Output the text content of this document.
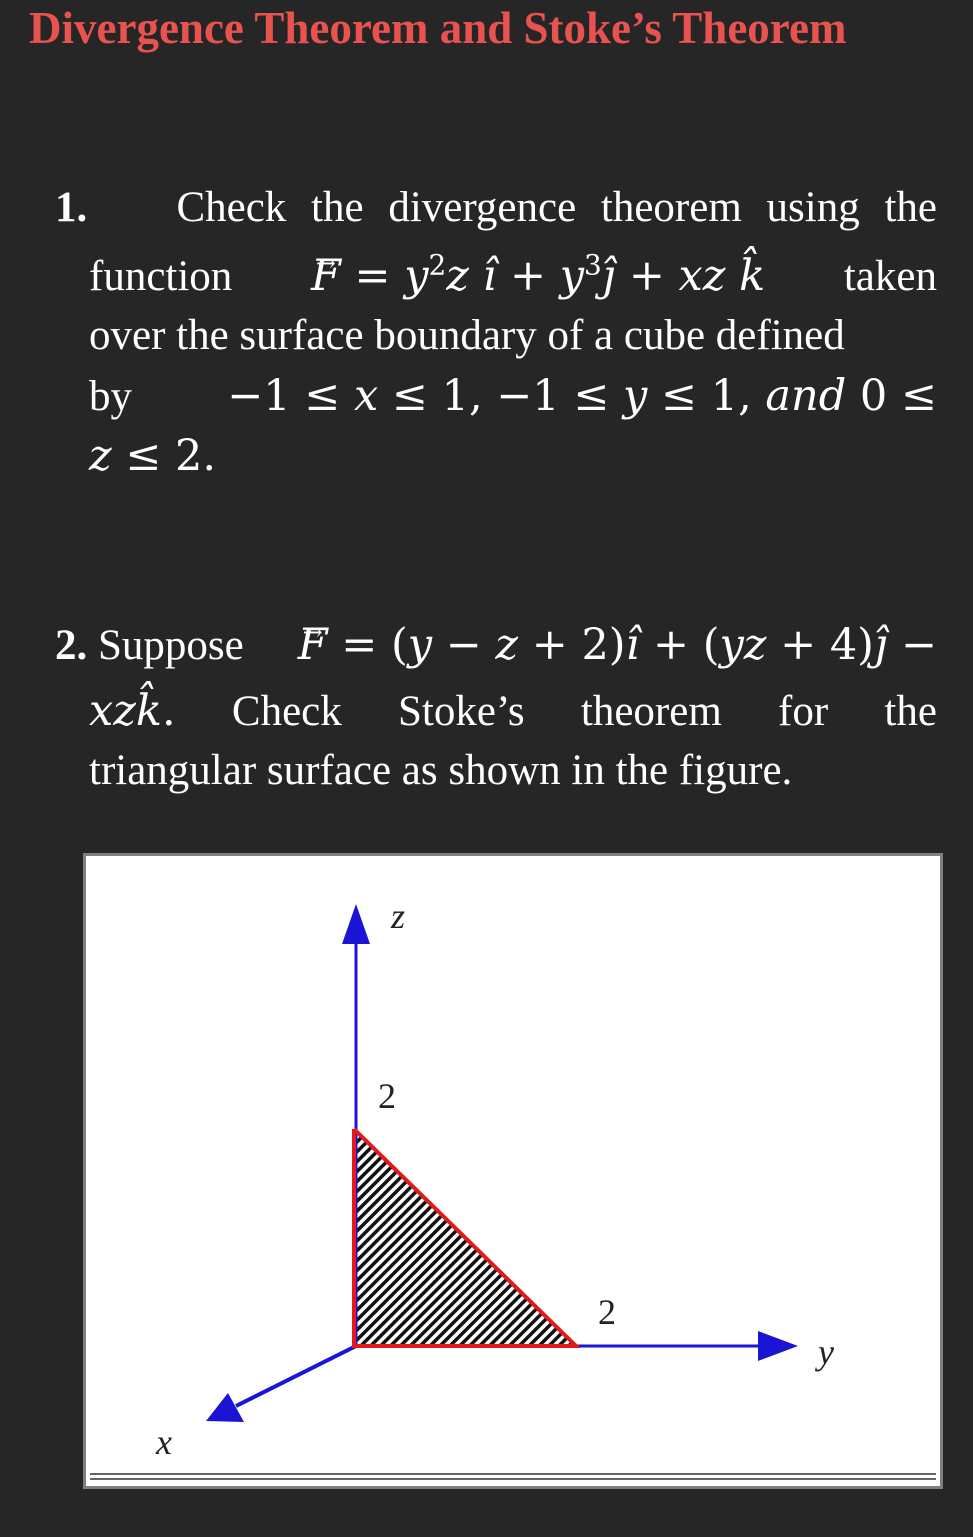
Divergence Theorem and Stoke’s Theorem
1. Check the divergence theorem using the
function F → = $y^2z$ î + $y^3ĵ$ + xz k̂ taken
over the surface boundary of a cube defined
by −1 ≤ x ≤ 1, −1 ≤ y ≤ 1, and 0 ≤
z ≤ 2.
2. Suppose F → = (y − z + 2)î + (yz + 4)ĵ −
xzk̂. Check Stoke’s theorem for the
triangular surface as shown in the figure.
z
2
2
y
x
